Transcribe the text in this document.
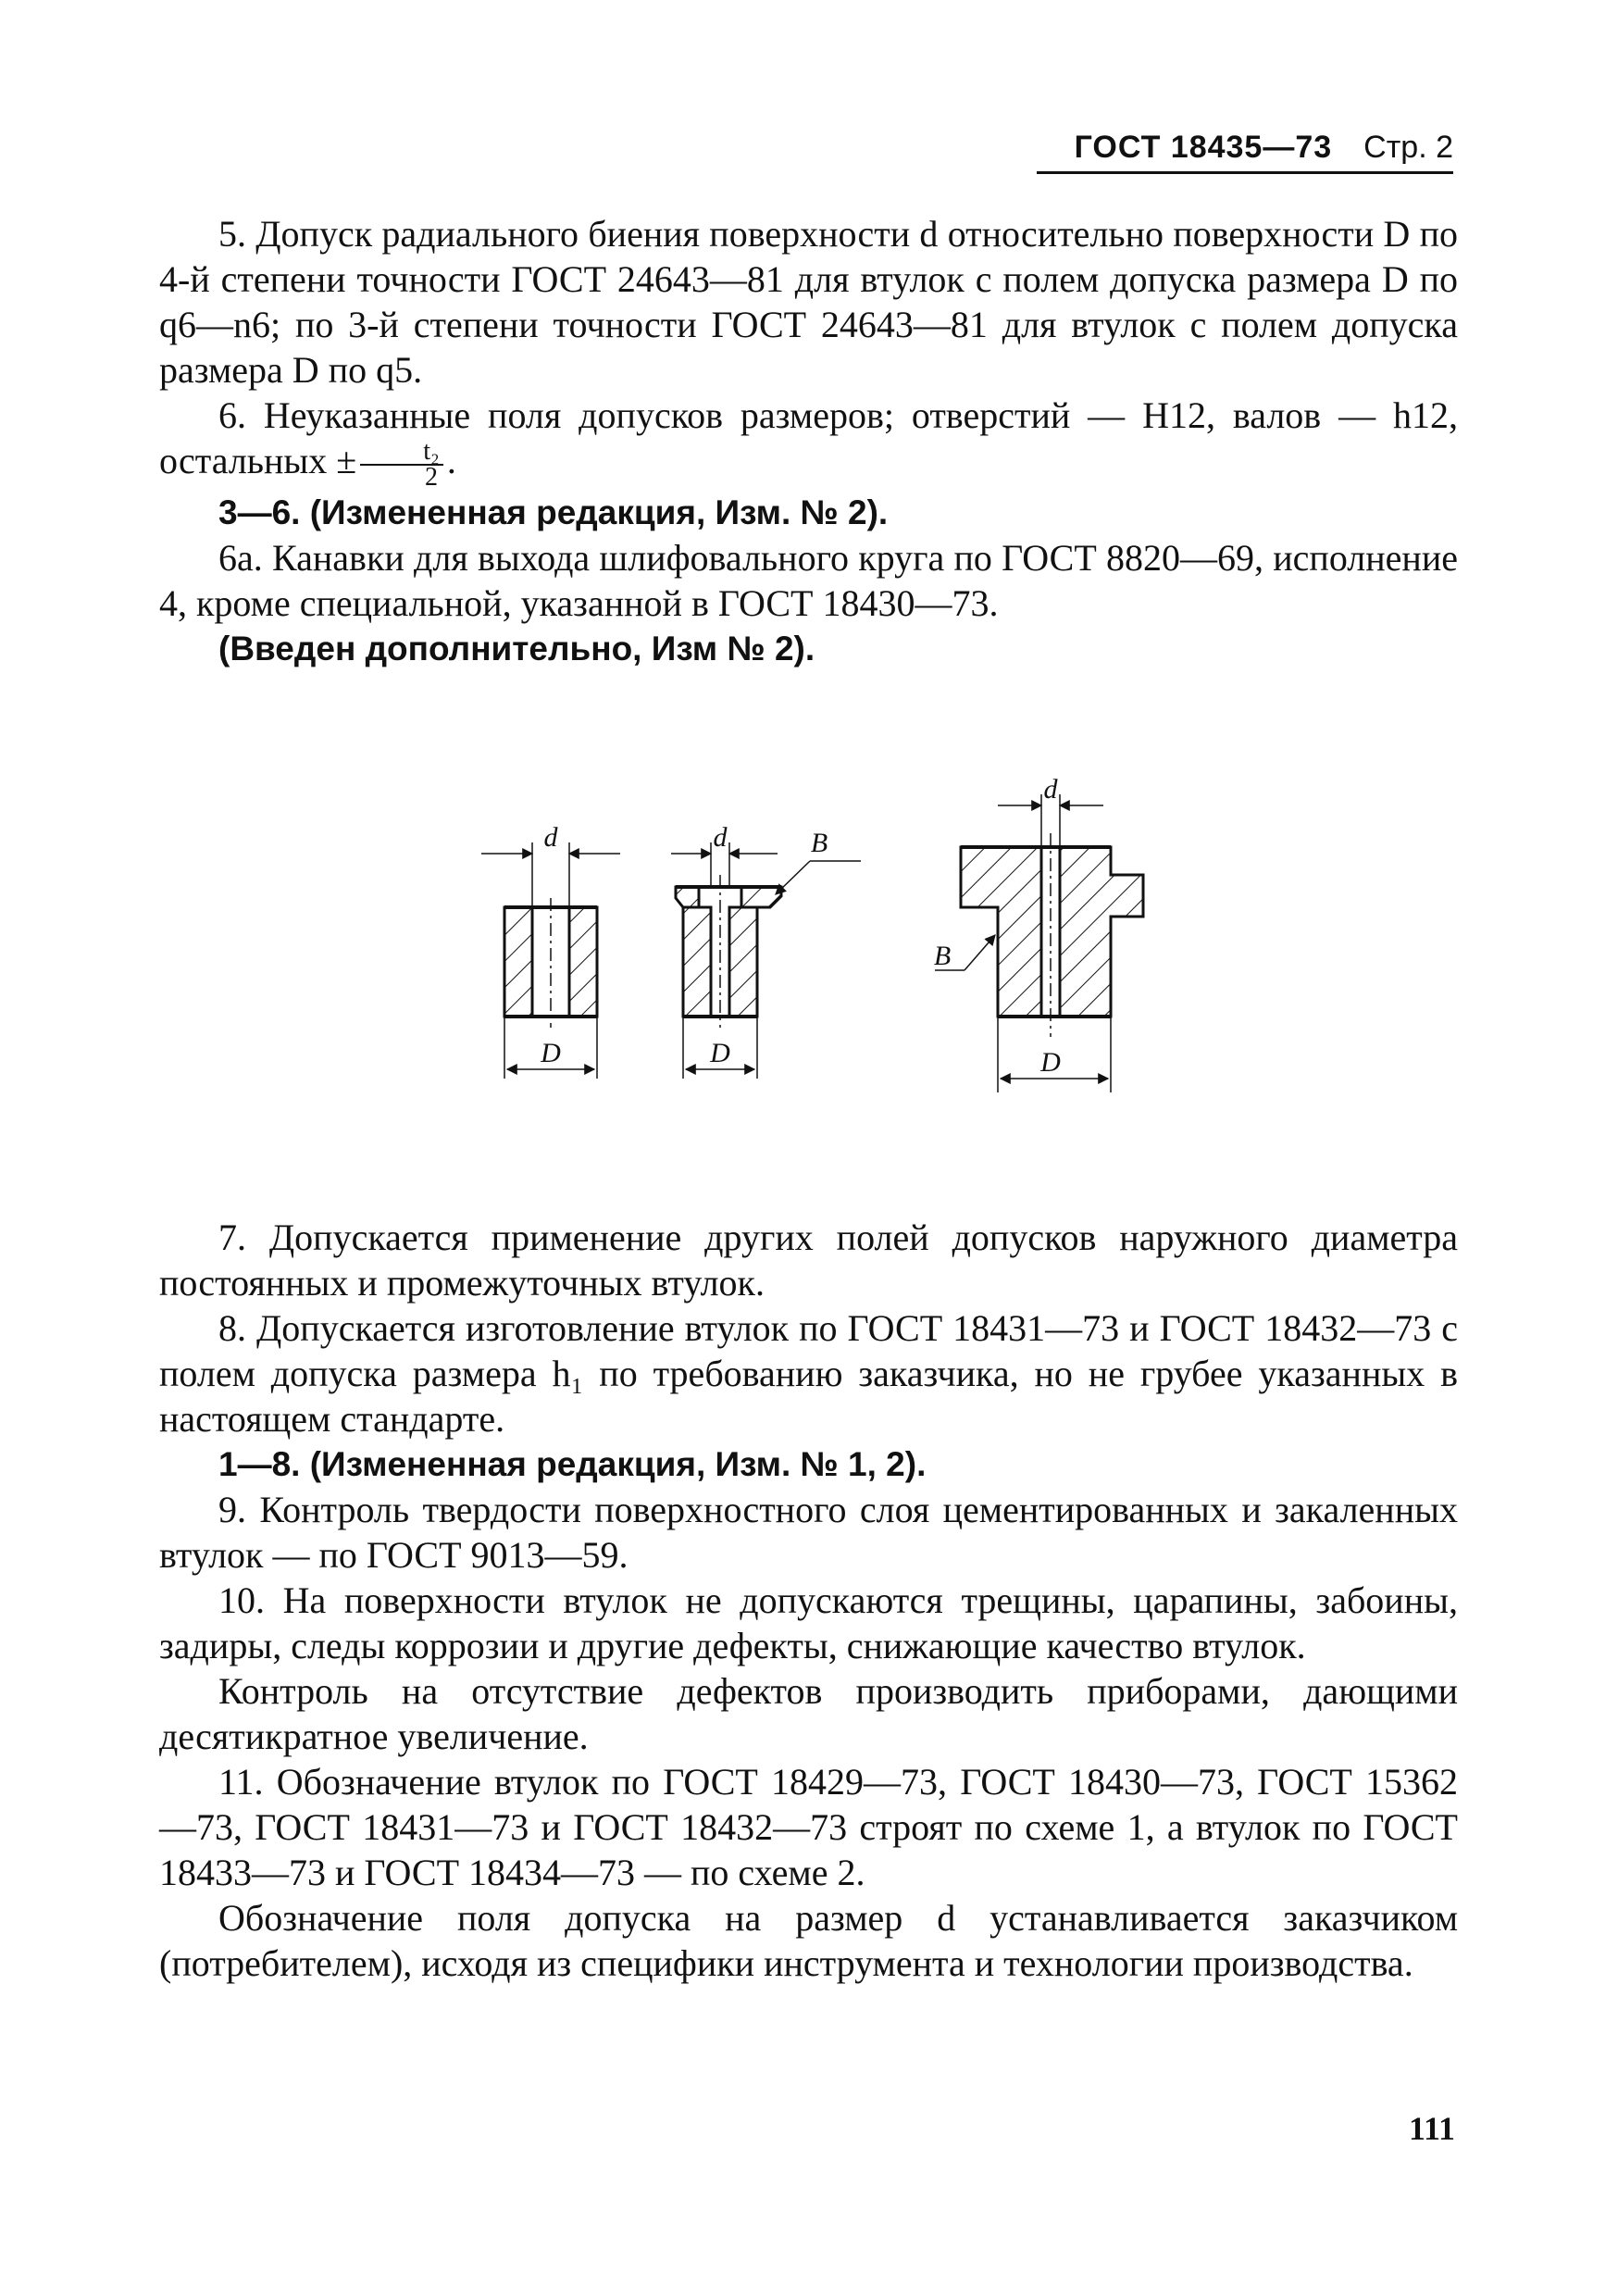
ГОСТ 18435—73 Стр. 2

5. Допуск радиального биения поверхности d относительно поверхности D по 4-й степени точности ГОСТ 24643—81 для втулок с полем допуска размера D по q6—n6; по 3-й степени точности ГОСТ 24643—81 для втулок с полем допуска размера D по q5.

6. Неуказанные поля допусков размеров; отверстий — H12, валов — h12, остальных ± $\frac{\text{t₂}}{2}$ .

3—6. (Измененная редакция, Изм. № 2).

6а. Канавки для выхода шлифовального круга по ГОСТ 8820—69, исполнение 4, кроме специальной, указанной в ГОСТ 18430—73.

(Введен дополнительно, Изм № 2).

d
D
d
D
B
d
D
B

7. Допускается применение других полей допусков наружного диаметра постоянных и промежуточных втулок.

8. Допускается изготовление втулок по ГОСТ 18431—73 и ГОСТ 18432—73 с полем допуска размера h₁ по требованию заказчика, но не грубее указанных в настоящем стандарте.

1—8. (Измененная редакция, Изм. № 1, 2).

9. Контроль твердости поверхностного слоя цементированных и закаленных втулок — по ГОСТ 9013—59.

10. На поверхности втулок не допускаются трещины, царапины, забоины, задиры, следы коррозии и другие дефекты, снижающие качество втулок.

Контроль на отсутствие дефектов производить приборами, дающими десятикратное увеличение.

11. Обозначение втулок по ГОСТ 18429—73, ГОСТ 18430—73, ГОСТ 15362—73, ГОСТ 18431—73 и ГОСТ 18432—73 строят по схеме 1, а втулок по ГОСТ 18433—73 и ГОСТ 18434—73 — по схеме 2.

Обозначение поля допуска на размер d устанавливается заказчиком (потребителем), исходя из специфики инструмента и технологии производства.

111
